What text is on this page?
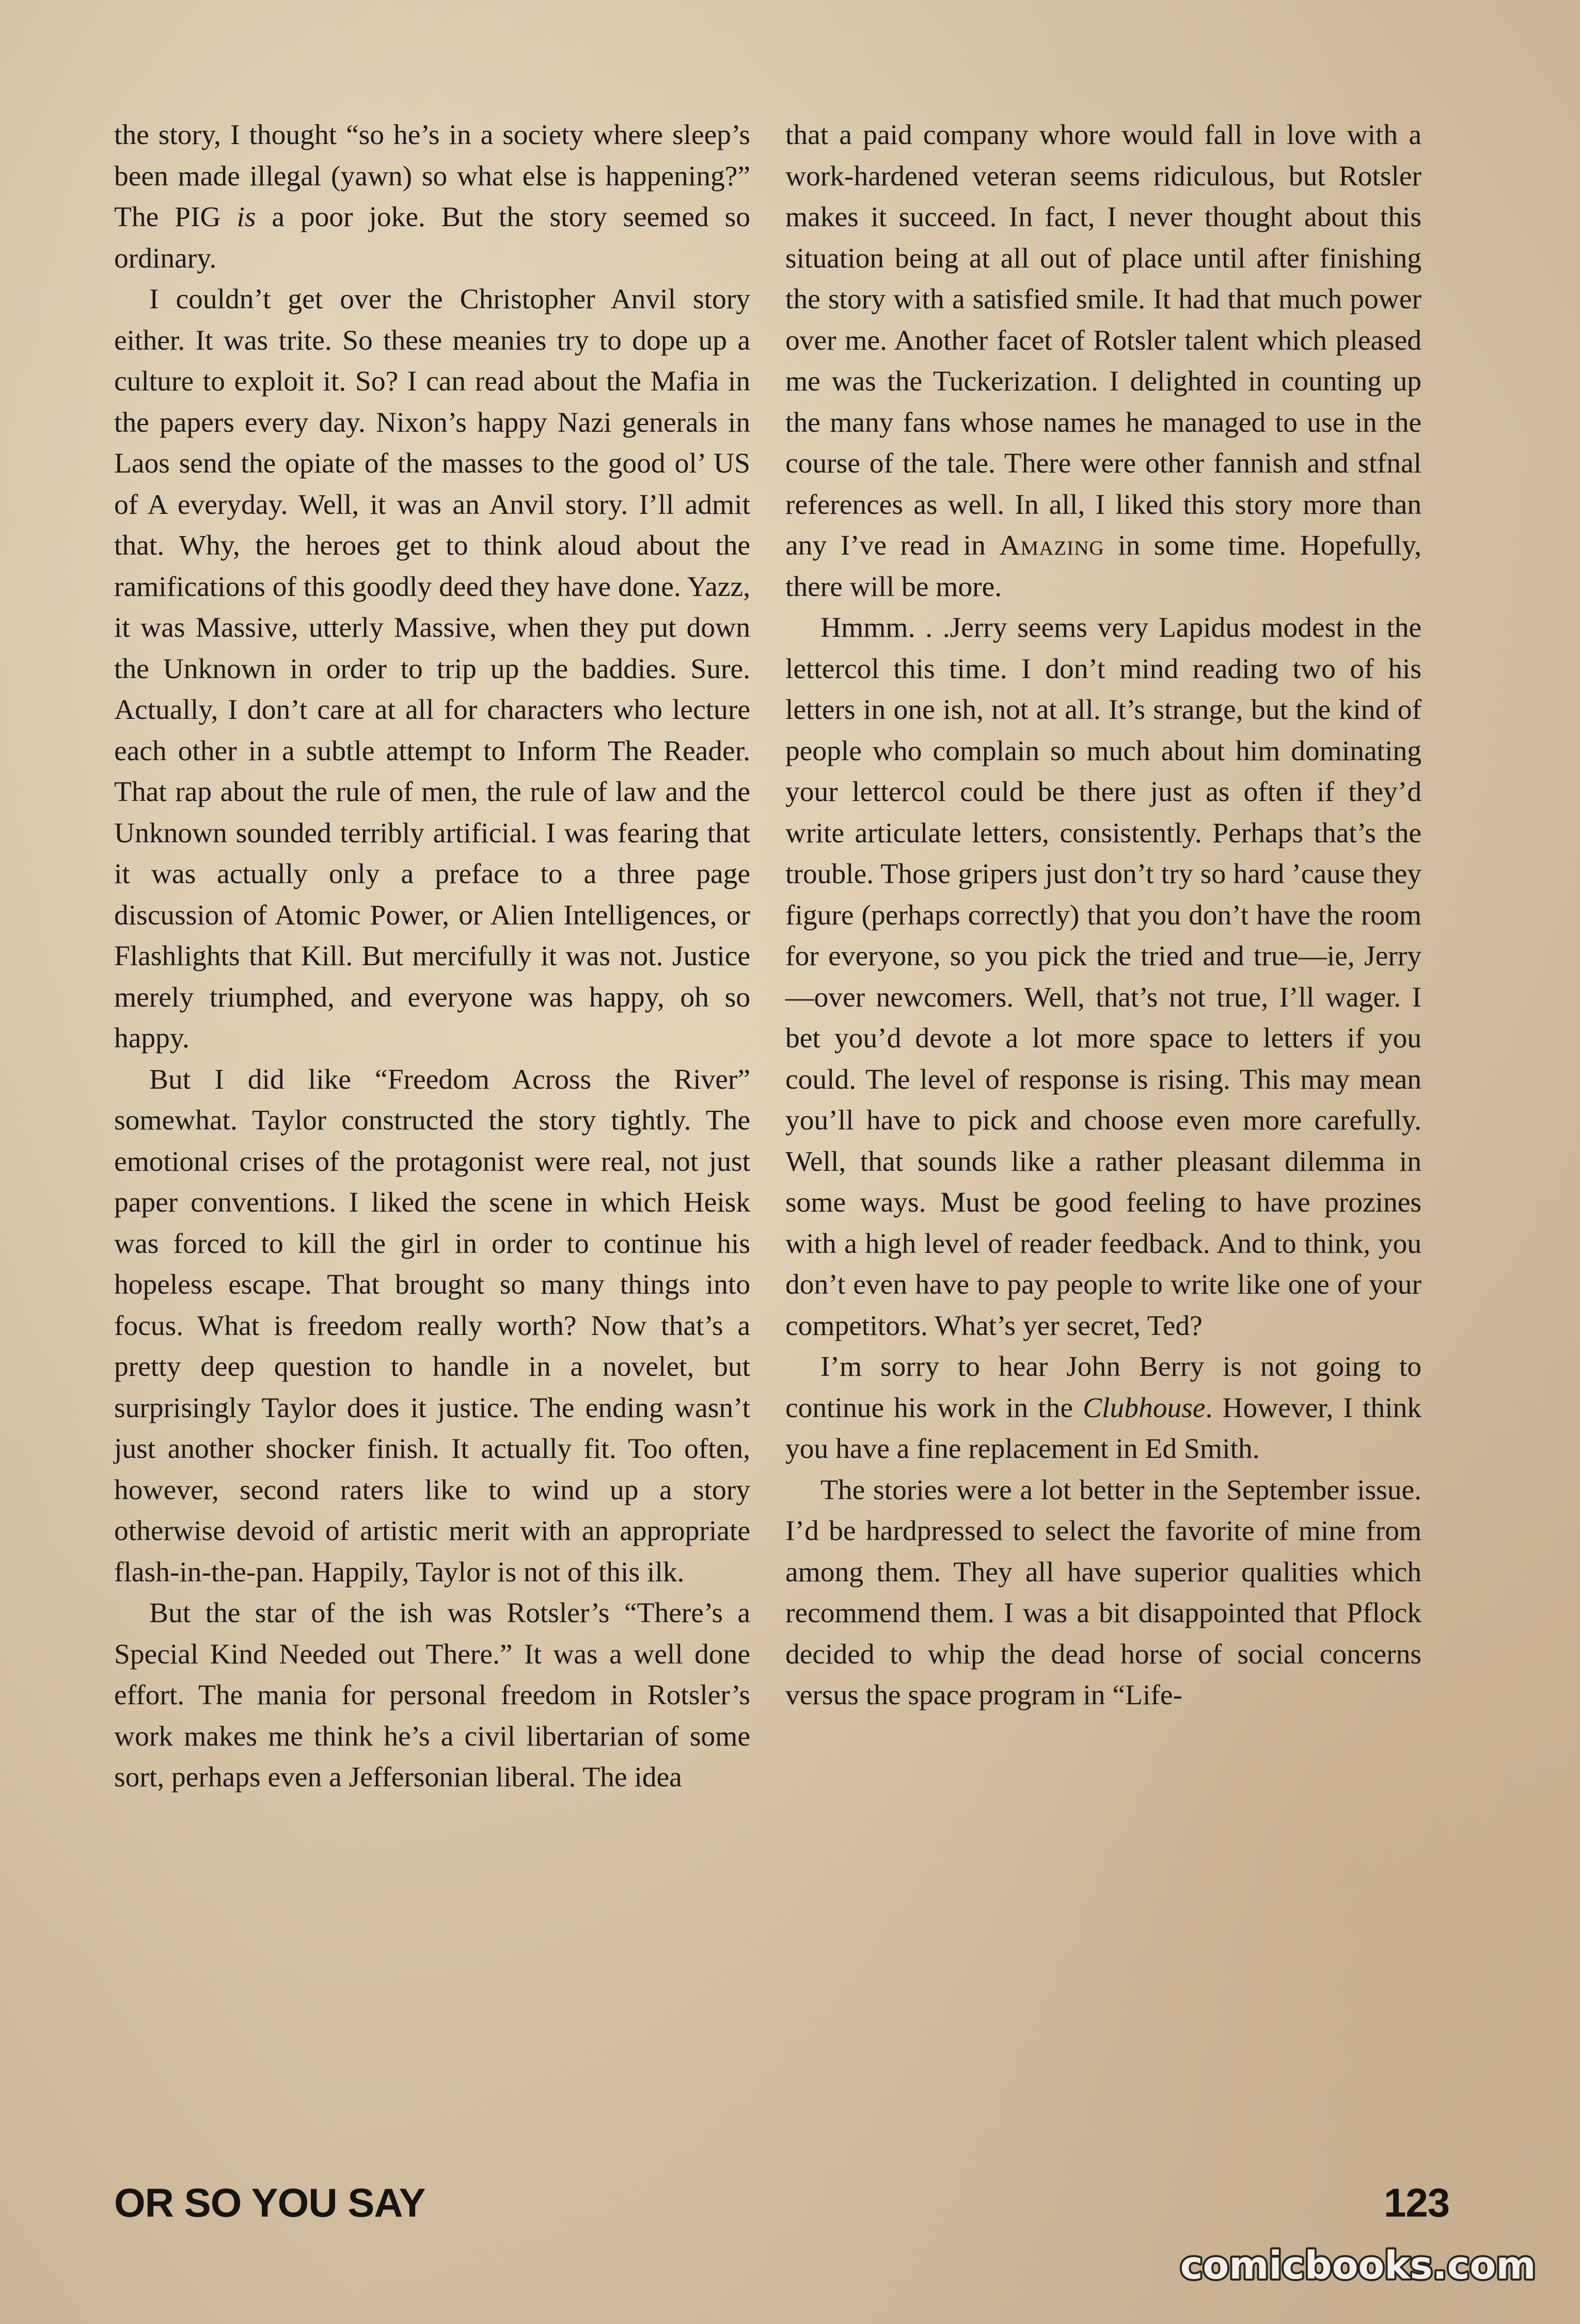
the story, I thought “so he’s in a society where sleep’s been made illegal (yawn) so what else is happening?” The PIG is a poor joke. But the story seemed so ordinary.

I couldn’t get over the Christopher Anvil story either. It was trite. So these meanies try to dope up a culture to exploit it. So? I can read about the Mafia in the papers every day. Nixon’s happy Nazi generals in Laos send the opiate of the masses to the good ol’ US of A everyday. Well, it was an Anvil story. I’ll admit that. Why, the heroes get to think aloud about the ramifications of this goodly deed they have done. Yazz, it was Massive, utterly Massive, when they put down the Unknown in order to trip up the baddies. Sure. Actually, I don’t care at all for characters who lecture each other in a subtle attempt to Inform The Reader. That rap about the rule of men, the rule of law and the Unknown sounded terribly artificial. I was fearing that it was actually only a preface to a three page discussion of Atomic Power, or Alien Intelligences, or Flashlights that Kill. But mercifully it was not. Justice merely triumphed, and everyone was happy, oh so happy.

But I did like “Freedom Across the River” somewhat. Taylor constructed the story tightly. The emotional crises of the protagonist were real, not just paper conventions. I liked the scene in which Heisk was forced to kill the girl in order to continue his hopeless escape. That brought so many things into focus. What is freedom really worth? Now that’s a pretty deep question to handle in a novelet, but surprisingly Taylor does it justice. The ending wasn’t just another shocker finish. It actually fit. Too often, however, second raters like to wind up a story otherwise devoid of artistic merit with an appropriate flash-in-the-pan. Happily, Taylor is not of this ilk.

But the star of the ish was Rotsler’s “There’s a Special Kind Needed out There.” It was a well done effort. The mania for personal freedom in Rotsler’s work makes me think he’s a civil libertarian of some sort, perhaps even a Jeffersonian liberal. The idea

that a paid company whore would fall in love with a work-hardened veteran seems ridiculous, but Rotsler makes it succeed. In fact, I never thought about this situation being at all out of place until after finishing the story with a satisfied smile. It had that much power over me. Another facet of Rotsler talent which pleased me was the Tuckerization. I delighted in counting up the many fans whose names he managed to use in the course of the tale. There were other fannish and stfnal references as well. In all, I liked this story more than any I’ve read in Amazing in some time. Hopefully, there will be more.

Hmmm. . .Jerry seems very Lapidus modest in the lettercol this time. I don’t mind reading two of his letters in one ish, not at all. It’s strange, but the kind of people who complain so much about him dominating your lettercol could be there just as often if they’d write articulate letters, consistently. Perhaps that’s the trouble. Those gripers just don’t try so hard ’cause they figure (perhaps correctly) that you don’t have the room for everyone, so you pick the tried and true—ie, Jerry—over newcomers. Well, that’s not true, I’ll wager. I bet you’d devote a lot more space to letters if you could. The level of response is rising. This may mean you’ll have to pick and choose even more carefully. Well, that sounds like a rather pleasant dilemma in some ways. Must be good feeling to have prozines with a high level of reader feedback. And to think, you don’t even have to pay people to write like one of your competitors. What’s yer secret, Ted?

I’m sorry to hear John Berry is not going to continue his work in the Clubhouse. However, I think you have a fine replacement in Ed Smith.

The stories were a lot better in the September issue. I’d be hardpressed to select the favorite of mine from among them. They all have superior qualities which recommend them. I was a bit disappointed that Pflock decided to whip the dead horse of social concerns versus the space program in “Life-

OR SO YOU SAY	123
comicbooks.com
